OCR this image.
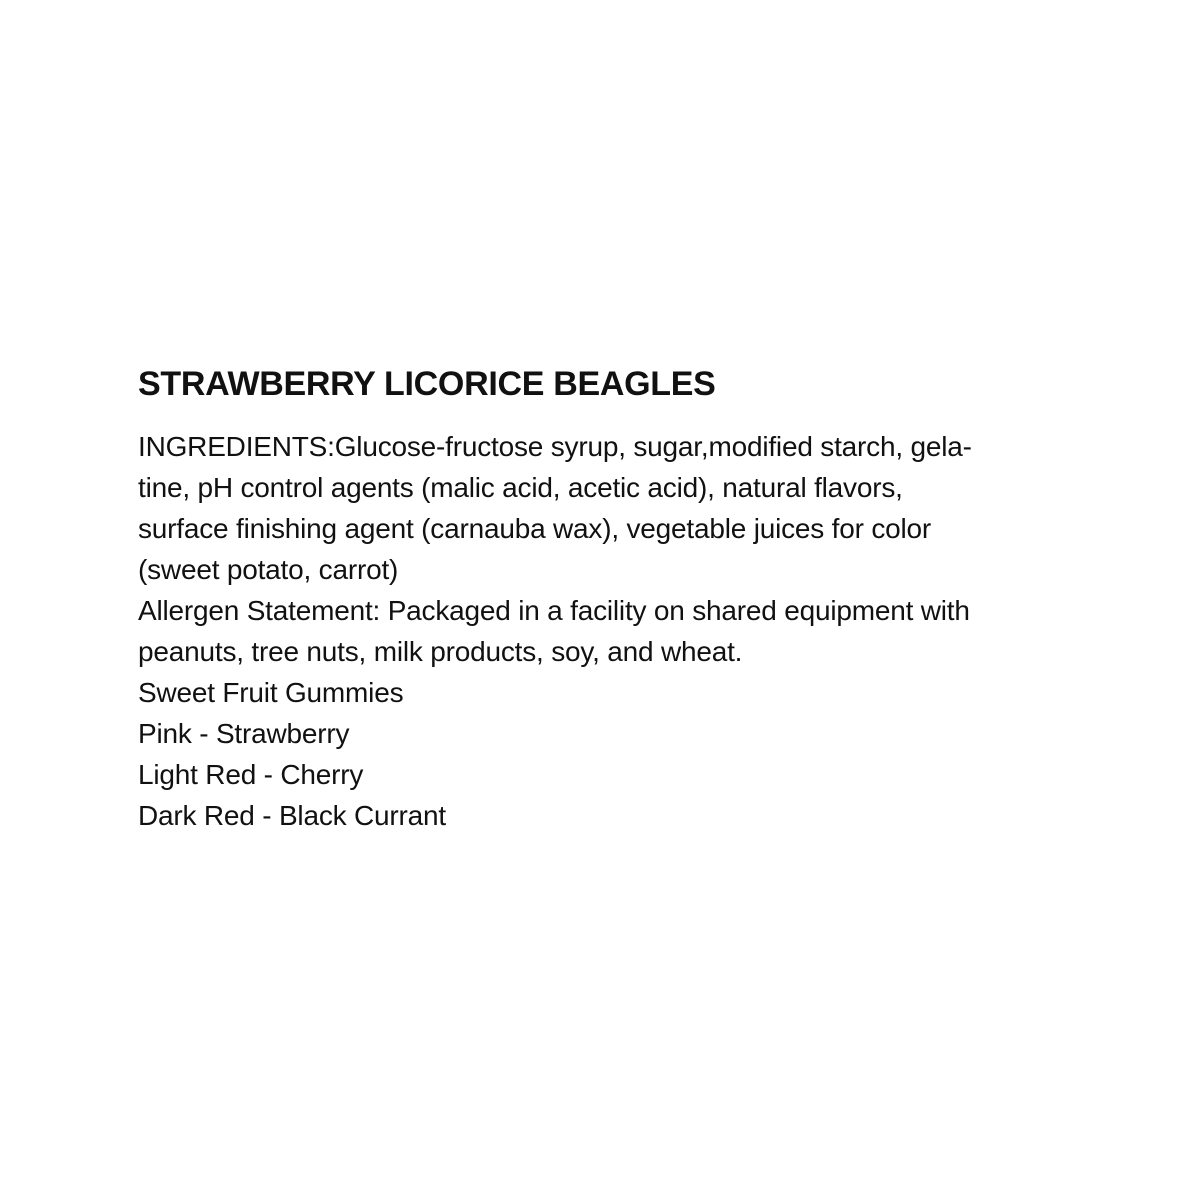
STRAWBERRY LICORICE BEAGLES
INGREDIENTS:Glucose-fructose syrup, sugar,modified starch, gela-
tine, pH control agents (malic acid, acetic acid), natural flavors,
surface finishing agent (carnauba wax), vegetable juices for color
(sweet potato, carrot)
Allergen Statement: Packaged in a facility on shared equipment with
peanuts, tree nuts, milk products, soy, and wheat.
Sweet Fruit Gummies
Pink - Strawberry
Light Red - Cherry
Dark Red - Black Currant
